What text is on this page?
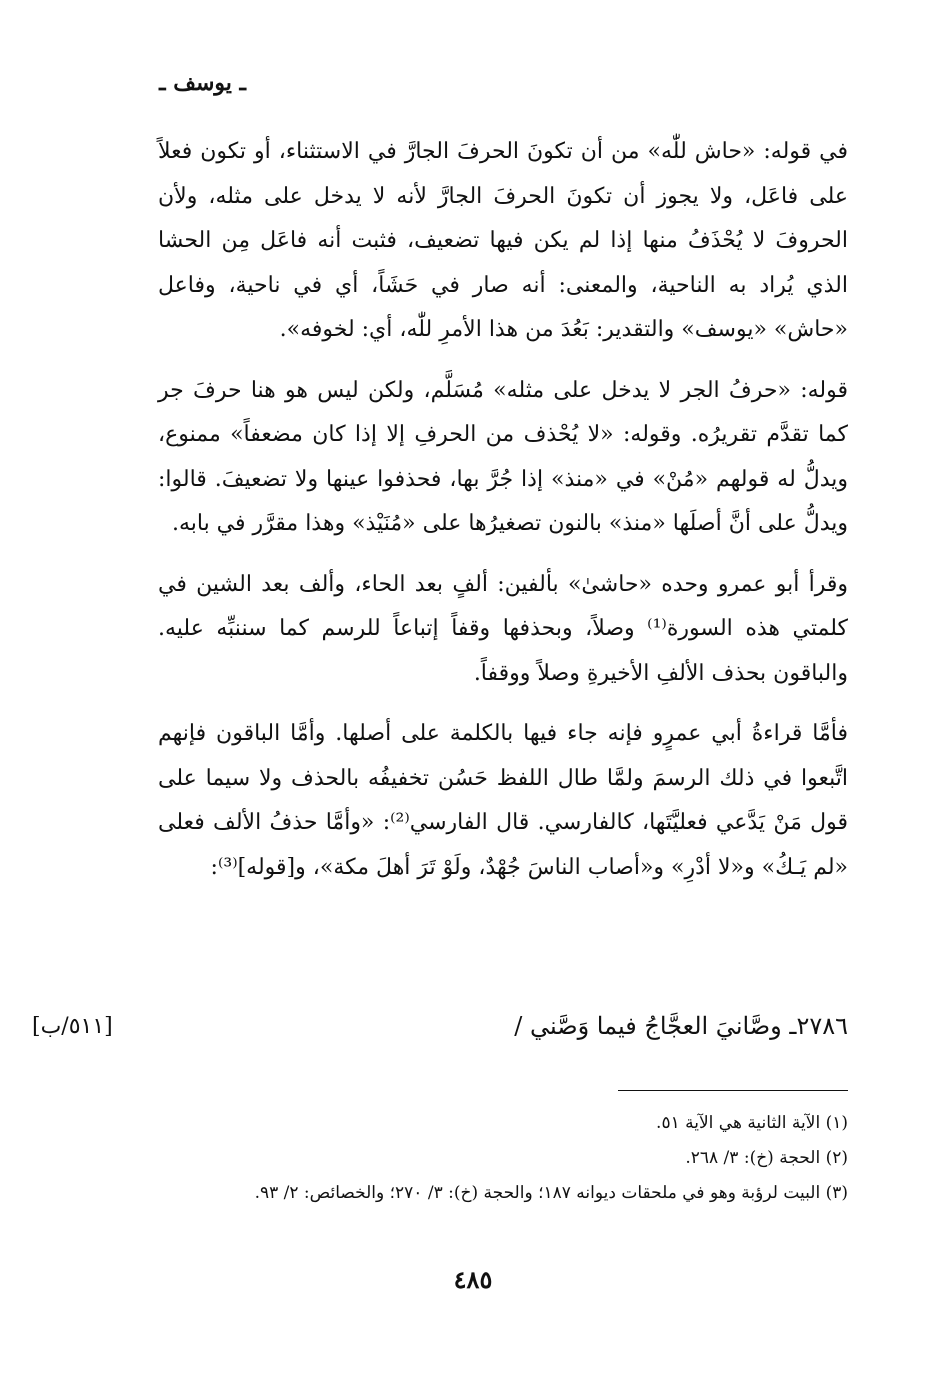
ـ يوسف ـ

في قوله: «حاش للّٰه» من أن تكونَ الحرفَ الجارَّ في الاستثناء، أو تكون فعلاً على فاعَل، ولا يجوز أن تكونَ الحرفَ الجارَّ لأنه لا يدخل على مثله، ولأن الحروفَ لا يُحْذَفُ منها إذا لم يكن فيها تضعيف، فثبت أنه فاعَل مِن الحشا الذي يُراد به الناحية، والمعنى: أنه صار في حَشَاً، أي في ناحية، وفاعل «حاش» «يوسف» والتقدير: بَعُدَ من هذا الأمرِ للّٰه، أي: لخوفه».

قوله: «حرفُ الجر لا يدخل على مثله» مُسَلَّم، ولكن ليس هو هنا حرفَ جر كما تقدَّم تقريرُه. وقوله: «لا يُحْذف من الحرفِ إلا إذا كان مضعفاً» ممنوع، ويدلُّ له قولهم «مُنْ» في «منذ» إذا جُرَّ بها، فحذفوا عينها ولا تضعيفَ. قالوا: ويدلُّ على أنَّ أصلَها «منذ» بالنون تصغيرُها على «مُنَيْذ» وهذا مقرَّر في بابه.

وقرأ أبو عمرو وحده «حاشىٰ» بألفين: ألفٍ بعد الحاء، وألف بعد الشين في كلمتي هذه السورة⁽¹⁾ وصلاً، وبحذفها وقفاً إتباعاً للرسم كما سننبِّه عليه. والباقون بحذف الألفِ الأخيرةِ وصلاً ووقفاً.

فأمَّا قراءةُ أبي عمرٍو فإنه جاء فيها بالكلمة على أصلها. وأمَّا الباقون فإنهم اتَّبعوا في ذلك الرسمَ ولمَّا طال اللفظ حَسُن تخفيفُه بالحذف ولا سيما على قول مَنْ يَدَّعي فعليَّتَها، كالفارسي. قال الفارسي⁽²⁾: «وأمَّا حذفُ الألف فعلى «لم يَـكُ» و«لا أدْرِ» و«أصاب الناسَ جُهْدٌ، ولَوْ تَرَ أهلَ مكة»، و[قوله]⁽³⁾:

٢٧٨٦ـ وصَّانيَ العجَّاجُ فيما وَصَّني /
[٥١١/ب]

(١) الآية الثانية هي الآية ٥١.

(٢) الحجة (خ): ٣/ ٢٦٨.

(٣) البيت لرؤبة وهو في ملحقات ديوانه ١٨٧؛ والحجة (خ): ٣/ ٢٧٠؛ والخصائص: ٢/ ٩٣.

٤٨٥
